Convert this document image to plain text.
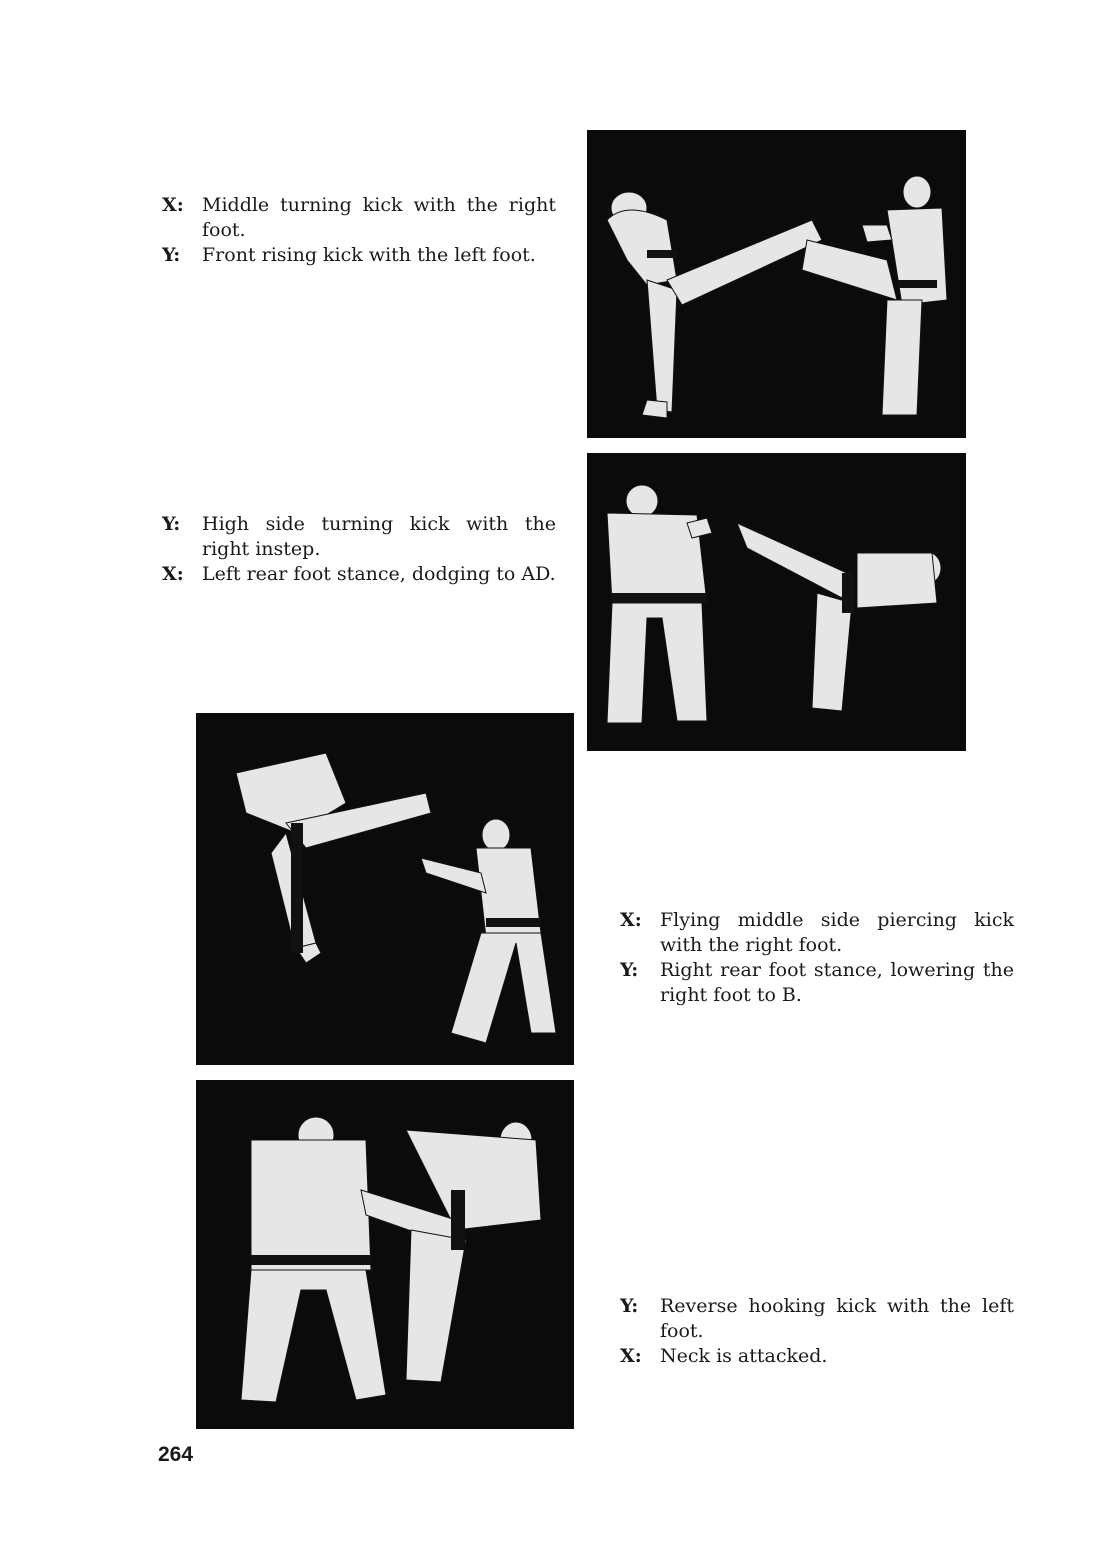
X: Middle turning kick with the right foot.
Y:	Front rising kick with the left foot.
Y:	High side turning kick with the right instep.
X: Left rear foot stance, dodging to AD.
X: Flying middle side piercing kick with the right foot.
Y:	Right rear foot stance, lowering the right foot to B.
Y:	Reverse hooking kick with the left foot.
X: Neck is attacked.
264
